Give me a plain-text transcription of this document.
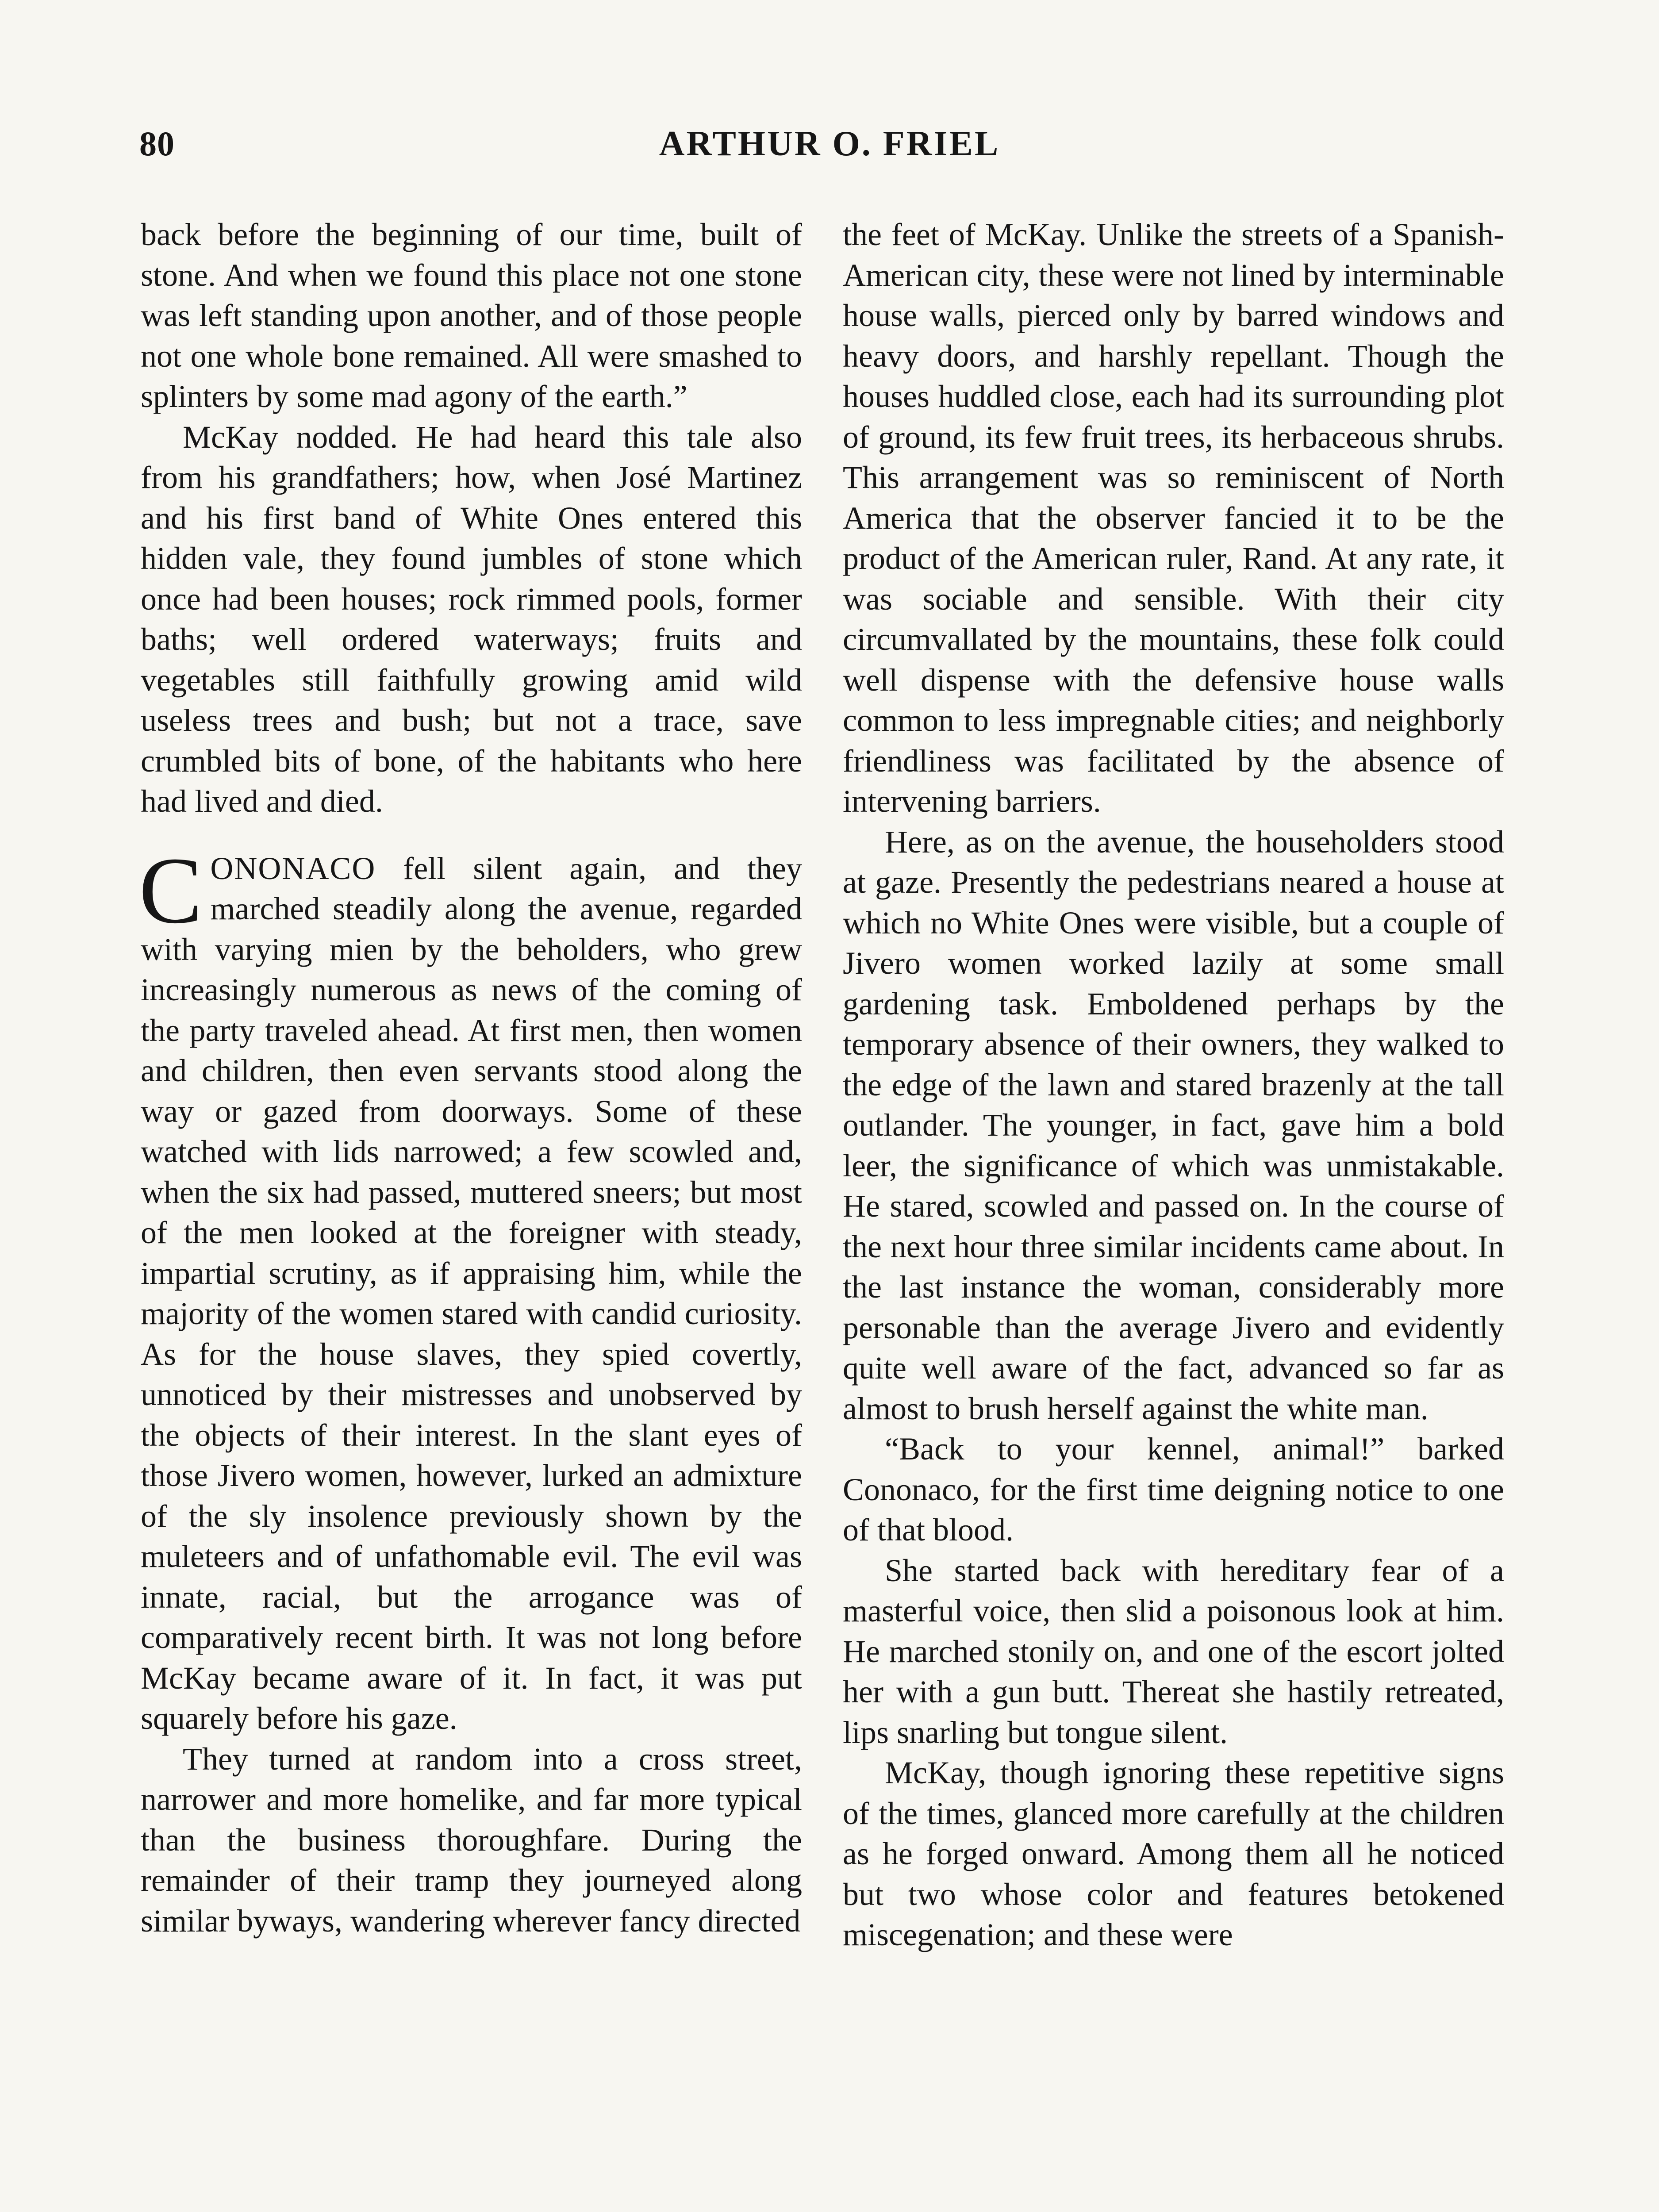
80	ARTHUR O. FRIEL

back before the beginning of our time, built of stone. And when we found this place not one stone was left standing upon another, and of those people not one whole bone remained. All were smashed to splinters by some mad agony of the earth.”

McKay nodded. He had heard this tale also from his grandfathers; how, when José Martinez and his first band of White Ones entered this hidden vale, they found jumbles of stone which once had been houses; rock rimmed pools, former baths; well ordered waterways; fruits and vegetables still faithfully growing amid wild useless trees and bush; but not a trace, save crumbled bits of bone, of the habitants who here had lived and died.

CONONACO fell silent again, and they marched steadily along the avenue, regarded with varying mien by the beholders, who grew increasingly numerous as news of the coming of the party traveled ahead. At first men, then women and children, then even servants stood along the way or gazed from doorways. Some of these watched with lids narrowed; a few scowled and, when the six had passed, muttered sneers; but most of the men looked at the foreigner with steady, impartial scrutiny, as if appraising him, while the majority of the women stared with candid curiosity. As for the house slaves, they spied covertly, unnoticed by their mistresses and unobserved by the objects of their interest. In the slant eyes of those Jivero women, however, lurked an admixture of the sly insolence previously shown by the muleteers and of unfathomable evil. The evil was innate, racial, but the arrogance was of comparatively recent birth. It was not long before McKay became aware of it. In fact, it was put squarely before his gaze.

They turned at random into a cross street, narrower and more homelike, and far more typical than the business thoroughfare. During the remainder of their tramp they journeyed along similar byways, wandering wherever fancy directed

the feet of McKay. Unlike the streets of a Spanish-American city, these were not lined by interminable house walls, pierced only by barred windows and heavy doors, and harshly repellant. Though the houses huddled close, each had its surrounding plot of ground, its few fruit trees, its herbaceous shrubs. This arrangement was so reminiscent of North America that the observer fancied it to be the product of the American ruler, Rand. At any rate, it was sociable and sensible. With their city circumvallated by the mountains, these folk could well dispense with the defensive house walls common to less impregnable cities; and neighborly friendliness was facilitated by the absence of intervening barriers.

Here, as on the avenue, the householders stood at gaze. Presently the pedestrians neared a house at which no White Ones were visible, but a couple of Jivero women worked lazily at some small gardening task. Emboldened perhaps by the temporary absence of their owners, they walked to the edge of the lawn and stared brazenly at the tall outlander. The younger, in fact, gave him a bold leer, the significance of which was unmistakable. He stared, scowled and passed on. In the course of the next hour three similar incidents came about. In the last instance the woman, considerably more personable than the average Jivero and evidently quite well aware of the fact, advanced so far as almost to brush herself against the white man.

“Back to your kennel, animal!” barked Cononaco, for the first time deigning notice to one of that blood.

She started back with hereditary fear of a masterful voice, then slid a poisonous look at him. He marched stonily on, and one of the escort jolted her with a gun butt. Thereat she hastily retreated, lips snarling but tongue silent.

McKay, though ignoring these repetitive signs of the times, glanced more carefully at the children as he forged onward. Among them all he noticed but two whose color and features betokened miscegenation; and these were
